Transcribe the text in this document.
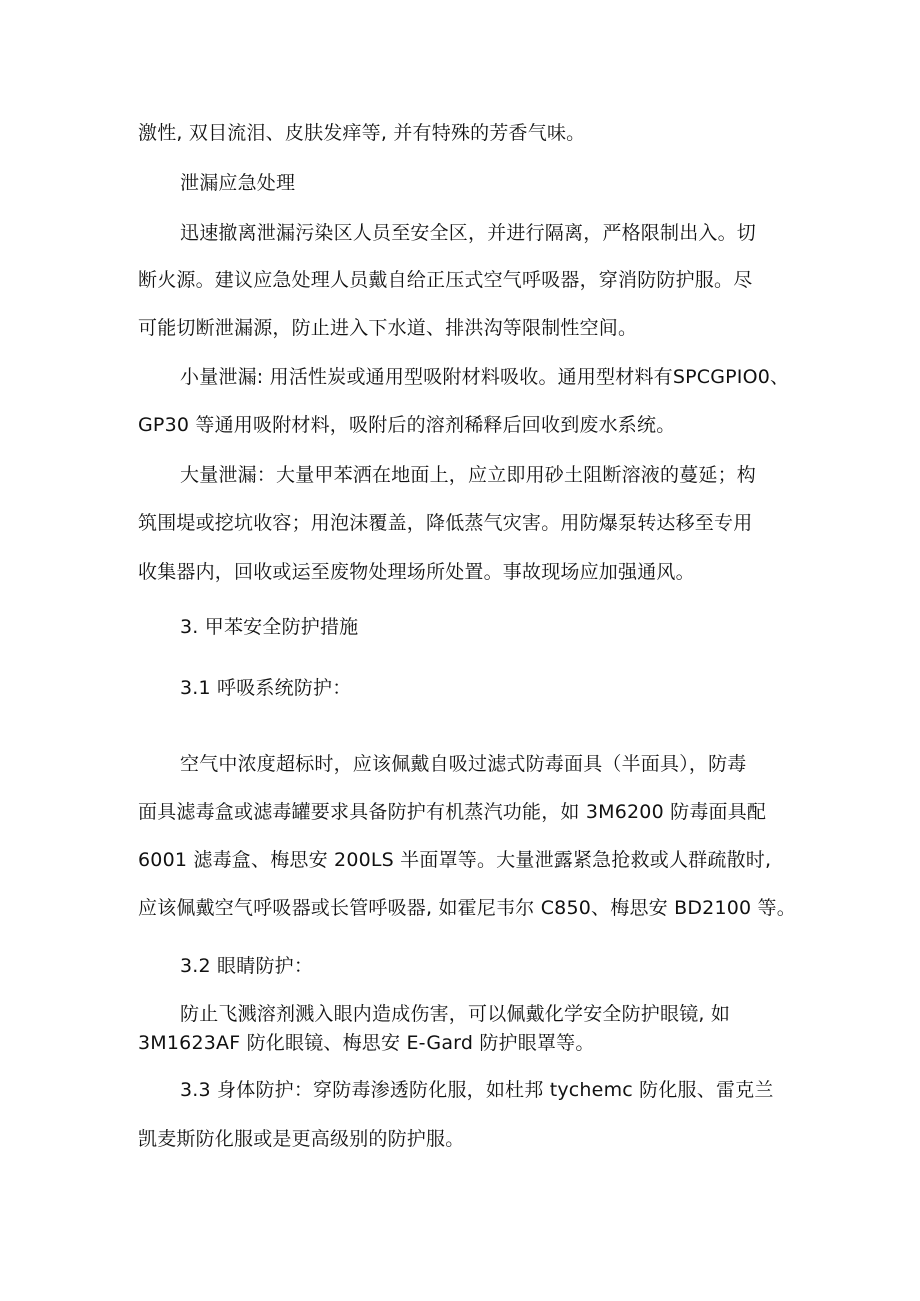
激性, 双目流泪、皮肤发痒等, 并有特殊的芳香气味。
泄漏应急处理
迅速撤离泄漏污染区人员至安全区，并进行隔离，严格限制出入。切
断火源。建议应急处理人员戴自给正压式空气呼吸器，穿消防防护服。尽
可能切断泄漏源，防止进入下水道、排洪沟等限制性空间。
小量泄漏: 用活性炭或通用型吸附材料吸收。通用型材料有SPCGPIO0、
GP30 等通用吸附材料，吸附后的溶剂稀释后回收到废水系统。
大量泄漏：大量甲苯洒在地面上，应立即用砂土阻断溶液的蔓延；构
筑围堤或挖坑收容；用泡沫覆盖，降低蒸气灾害。用防爆泵转达移至专用
收集器内，回收或运至废物处理场所处置。事故现场应加强通风。
3. 甲苯安全防护措施
3.1 呼吸系统防护：
空气中浓度超标时，应该佩戴自吸过滤式防毒面具（半面具），防毒
面具滤毒盒或滤毒罐要求具备防护有机蒸汽功能，如 3M6200 防毒面具配
6001 滤毒盒、梅思安 200LS 半面罩等。大量泄露紧急抢救或人群疏散时,
应该佩戴空气呼吸器或长管呼吸器, 如霍尼韦尔 C850、梅思安 BD2100 等。
3.2 眼睛防护：
防止飞溅溶剂溅入眼内造成伤害，可以佩戴化学安全防护眼镜, 如
3M1623AF 防化眼镜、梅思安 E-Gard 防护眼罩等。
3.3 身体防护：穿防毒渗透防化服，如杜邦 tychemc 防化服、雷克兰
凯麦斯防化服或是更高级别的防护服。
